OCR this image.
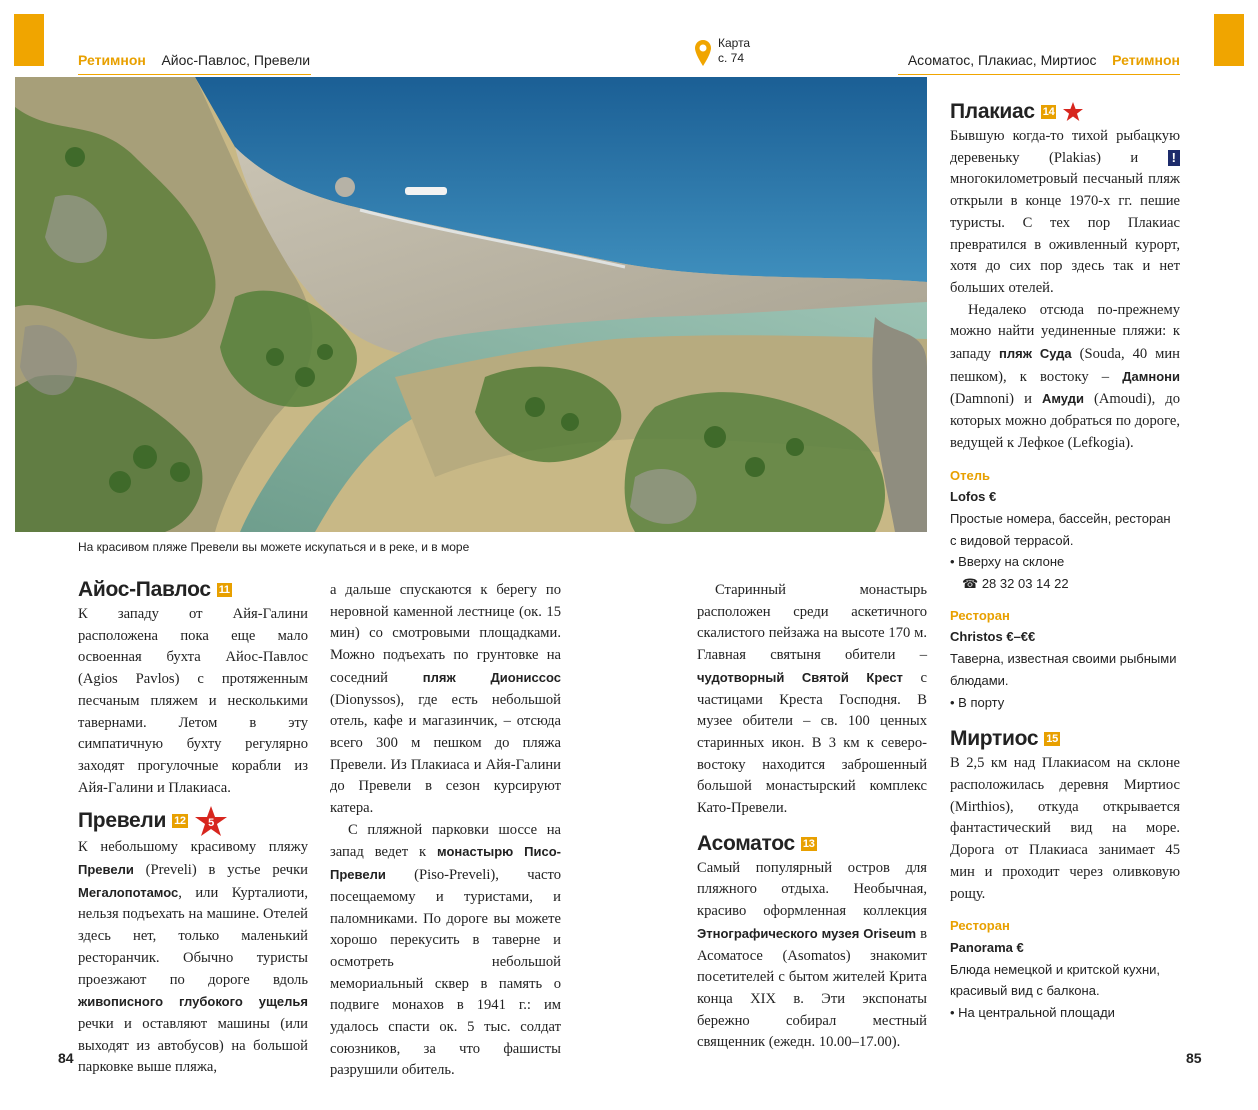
Ретимнон Айос-Павлос, Превели
Карта
с. 74	Асоматос, Плакиас, Миртиос Ретимнон
На красивом пляже Превели вы можете искупаться и в реке, и в море
Айос-Павлос 11

К западу от Айя-Галини расположена пока еще мало освоенная бухта Айос-Павлос (Agios Pavlos) с протяженным песчаным пляжем и несколькими тавернами. Летом в эту симпатичную бухту регулярно заходят прогулочные корабли из Айя-Галини и Плакиаса.

Превели 12 5

К небольшому красивому пляжу Превели (Preveli) в устье речки Мегалопотамос, или Курталиоти, нельзя подъехать на машине. Отелей здесь нет, только маленький ресторанчик. Обычно туристы проезжают по дороге вдоль живописного глубокого ущелья речки и оставляют машины (или выходят из автобусов) на большой парковке выше пляжа,

а дальше спускаются к берегу по неровной каменной лестнице (ок. 15 мин) со смотровыми площадками. Можно подъехать по грунтовке на соседний пляж Диониссос (Dionyssos), где есть небольшой отель, кафе и магазинчик, – отсюда всего 300 м пешком до пляжа Превели. Из Плакиаса и Айя-Галини до Превели в сезон курсируют катера.

С пляжной парковки шоссе на запад ведет к монастырю Писо-Превели (Piso-Preveli), часто посещаемому и туристами, и паломниками. По дороге вы можете хорошо перекусить в таверне и осмотреть небольшой мемориальный сквер в память о подвиге монахов в 1941 г.: им удалось спасти ок. 5 тыс. солдат союзников, за что фашисты разрушили обитель.

Старинный монастырь расположен среди аскетичного скалистого пейзажа на высоте 170 м. Главная святыня обители – чудотворный Святой Крест с частицами Креста Господня. В музее обители – св. 100 ценных старинных икон. В 3 км к северо-востоку находится заброшенный большой монастырский комплекс Като-Превели.

Асоматос 13

Самый популярный остров для пляжного отдыха. Необычная, красиво оформленная коллекция Этнографического музея Oriseum в Асоматосе (Asomatos) знакомит посетителей с бытом жителей Крита конца XIX в. Эти экспонаты бережно собирал местный священник (ежедн. 10.00–17.00).

Плакиас 14

Бывшую когда-то тихой рыбацкую деревеньку (Plakias) и ! многокилометровый песчаный пляж открыли в конце 1970-х гг. пешие туристы. С тех пор Плакиас превратился в оживленный курорт, хотя до сих пор здесь так и нет больших отелей.

Недалеко отсюда по-прежнему можно найти уединенные пляжи: к западу пляж Суда (Souda, 40 мин пешком), к востоку – Дамнони (Damnoni) и Амуди (Amoudi), до которых можно добраться по дороге, ведущей к Лефкое (Lefkogia).

Отель
Lofos €
Простые номера, бассейн, ресторан с видовой террасой.
• Вверху на склоне
☎ 28 32 03 14 22
Ресторан
Christos €–€€
Таверна, известная своими рыбными блюдами.
• В порту
Миртиос 15

В 2,5 км над Плакиасом на склоне расположилась деревня Миртиос (Mirthios), откуда открывается фантастический вид на море. Дорога от Плакиаса занимает 45 мин и проходит через оливковую рощу.

Ресторан
Panorama €
Блюда немецкой и критской кухни, красивый вид с балкона.
• На центральной площади
84	85
